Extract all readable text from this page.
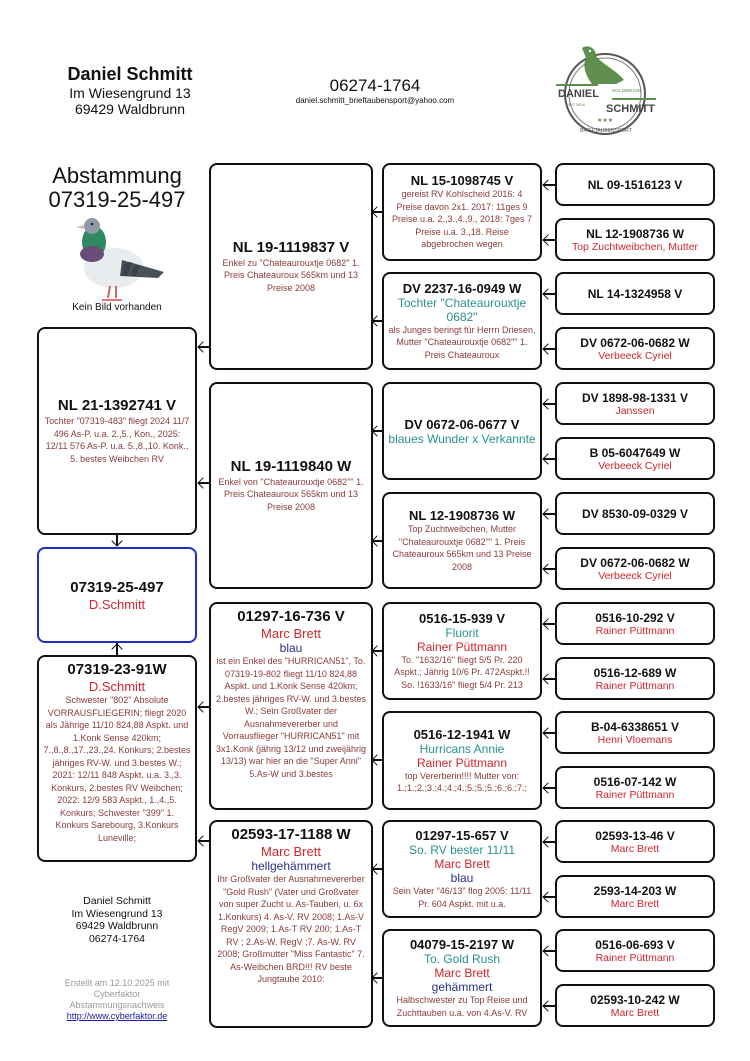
Daniel Schmitt
Im Wiesengrund 13
69429 Waldbrunn
06274-1764
daniel.schmitt_brieftaubensport@yahoo.com
DANIEL	WALDBRUNN
SCHMITT
SEIT 2008
★★★
BRIEFTAUBENSPORT
Abstammung
07319-25-497
Kein Bild vorhanden
NL 21-1392741 V
Tochter "07319-483" fliegt 2024 11/7 496 As-P. u.a. 2.,5., Kon., 2025: 12/11 576 As-P. u.a. 5.,8.,10. Konk., 5. bestes Weibchen RV
07319-25-497
D.Schmitt
07319-23-91W
D.Schmitt
Schwester "802" Absolute VORRAUSFLIEGERIN; fliegt 2020 als Jährige 11/10 824,88 Aspkt. und 1.Konk Sense 420km; 7.,8.,8.,17.,23.,24. Konkurs; 2.bestes jähriges RV-W. und 3.bestes W.; 2021: 12/11 848 Aspkt. u.a. 3.,3. Konkurs, 2.bestes RV Weibchen; 2022: 12/9 583 Aspkt., 1.,4.,5. Konkurs; Schwester "399" 1. Konkurs Sarebourg, 3.Konkurs Luneville;
NL 19-1119837 V
Enkel zu "Chateaurouxtje 0682" 1. Preis Chateauroux 565km und 13 Preise 2008
NL 19-1119840 W
Enkel von "Chateaurouxtje 0682"" 1. Preis Chateauroux 565km und 13 Preise 2008
01297-16-736 V
Marc Brett
blau
ist ein Enkel des "HURRICAN51", To. 07319-19-802 fliegt 11/10 824,88 Aspkt. und 1.Konk Sense 420km; 2.bestes jähriges RV-W. und 3.bestes W.; Sein Großvater der Ausnahmevererber und Vorrausflieger "HURRICAN51" mit 3x1.Konk (jährig 13/12 und zweijährig 13/13) war hier an die "Super Anni" 5.As-W und 3.bestes
02593-17-1188 W
Marc Brett
hellgehämmert
Ihr Großvater der Ausnahmevererber "Gold Rush" (Vater und Großvater von super Zucht u. As-Tauben, u. 6x 1.Konkurs) 4. As-V. RV 2008; 1.As-V RegV 2009; 1.As-T RV 200; 1.As-T RV ; 2.As-W. RegV ;7. As-W. RV 2008; Großmutter "Miss Fantastic" 7. As-Weibchen BRD!!! RV beste Jungtaube 2010:
NL 15-1098745 V
gereist RV Kohlscheid 2016: 4 Preise davon 2x1. 2017: 11ges 9 Preise u.a. 2.,3.,4.,9., 2018: 7ges 7 Preise u.a. 3.,18. Reise abgebrochen wegen
DV 2237-16-0949 W
Tochter "Chateaurouxtje 0682"
als Junges beringt für Herrn Driesen, Mutter "Chateaurouxtje 0682"" 1. Preis Chateauroux
DV 0672-06-0677 V
blaues Wunder x Verkannte
NL 12-1908736 W
Top Zuchtweibchen, Mutter "Chateaurouxtje 0682"" 1. Preis Chateauroux 565km und 13 Preise 2008
0516-15-939 V
Fluorit
Rainer Püttmann
To. "1632/16" fliegt 5/5 Pr. 220 Aspkt.; Jährig 10/6 Pr. 472Aspkt.!! So. !1633/16" fliegt 5/4 Pr. 213
0516-12-1941 W
Hurricans Annie
Rainer Püttmann
top Vererberin!!!! Mutter von: 1.;1.;2.;3.;4.;4.;4.;5.;5.;5.;6.;6.;7.;
01297-15-657 V
So. RV bester 11/11
Marc Brett
blau
Sein Vater "46/13" flog 2005: 11/11 Pr. 604 Aspkt. mit u.a.
04079-15-2197 W
To. Gold Rush
Marc Brett
gehämmert
Halbschwester zu Top Reise und Zuchttauben u.a. von 4.As-V. RV
NL 09-1516123 V
NL 12-1908736 W
Top Zuchtweibchen, Mutter
NL 14-1324958 V
DV 0672-06-0682 W
Verbeeck Cyriel
DV 1898-98-1331 V
Janssen
B 05-6047649 W
Verbeeck Cyriel
DV 8530-09-0329 V
DV 0672-06-0682 W
Verbeeck Cyriel
0516-10-292 V
Rainer Püttmann
0516-12-689 W
Rainer Püttmann
B-04-6338651 V
Henri Vloemans
0516-07-142 W
Rainer Püttmann
02593-13-46 V
Marc Brett
2593-14-203 W
Marc Brett
0516-06-693 V
Rainer Püttmann
02593-10-242 W
Marc Brett
Daniel Schmitt
Im Wiesengrund 13
69429 Waldbrunn
06274-1764
Erstellt am 12.10.2025 mit
Cyberfaktor
Abstammungsnachweis
http://www.cyberfaktor.de
